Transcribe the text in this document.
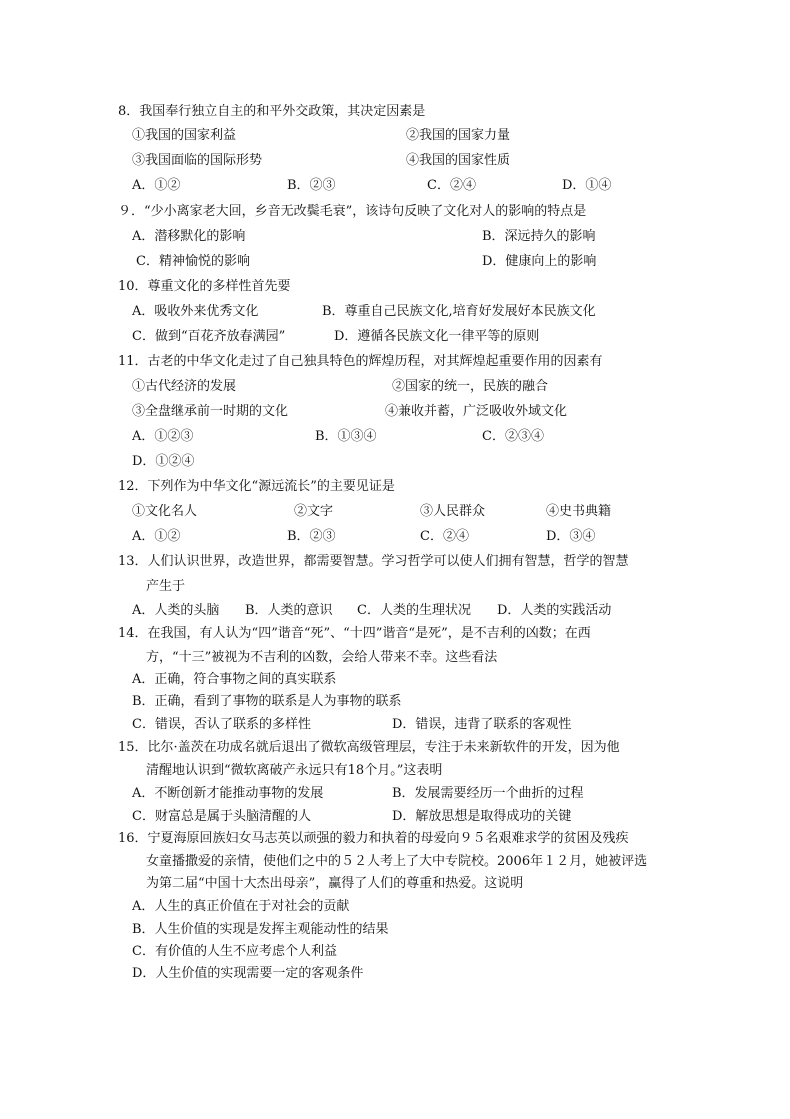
8．我国奉行独立自主的和平外交政策，其决定因素是
①我国的国家利益	②我国的国家力量
③我国面临的国际形势	④我国的国家性质
A．①②	B．②③	C．②④	D．①④
９．“少小离家老大回，乡音无改鬓毛衰”，该诗句反映了文化对人的影响的特点是
A．潜移默化的影响	B．深远持久的影响
C．精神愉悦的影响	D．健康向上的影响
10．尊重文化的多样性首先要
A．吸收外来优秀文化	B．尊重自己民族文化,培育好发展好本民族文化
C．做到“百花齐放春满园”	D．遵循各民族文化一律平等的原则
11．古老的中华文化走过了自己独具特色的辉煌历程，对其辉煌起重要作用的因素有
①古代经济的发展	②国家的统一，民族的融合
③全盘继承前一时期的文化	④兼收并蓄，广泛吸收外域文化
A．①②③	B．①③④	C．②③④
D．①②④
12．下列作为中华文化“源远流长”的主要见证是
①文化名人	②文字	③人民群众	④史书典籍
A．①②	B．②③	C．②④	D．③④
13．人们认识世界，改造世界，都需要智慧。学习哲学可以使人们拥有智慧，哲学的智慧
产生于
A．人类的头脑 B．人类的意识 C．人类的生理状况 D．人类的实践活动
14．在我国，有人认为“四”谐音“死”、“十四”谐音“是死”，是不吉利的凶数；在西
方，“十三”被视为不吉利的凶数，会给人带来不幸。这些看法
A．正确，符合事物之间的真实联系
B．正确，看到了事物的联系是人为事物的联系
C．错误，否认了联系的多样性	D．错误，违背了联系的客观性
15．比尔·盖茨在功成名就后退出了微软高级管理层，专注于未来新软件的开发，因为他
清醒地认识到“微软离破产永远只有18个月。”这表明
A．不断创新才能推动事物的发展	B．发展需要经历一个曲折的过程
C．财富总是属于头脑清醒的人	D．解放思想是取得成功的关键
16．宁夏海原回族妇女马志英以顽强的毅力和执着的母爱向９５名艰难求学的贫困及残疾
女童播撒爱的亲情，使他们之中的５２人考上了大中专院校。2006年１２月，她被评选
为第二届“中国十大杰出母亲”，赢得了人们的尊重和热爱。这说明
A．人生的真正价值在于对社会的贡献
B．人生价值的实现是发挥主观能动性的结果
C．有价值的人生不应考虑个人利益
D．人生价值的实现需要一定的客观条件
